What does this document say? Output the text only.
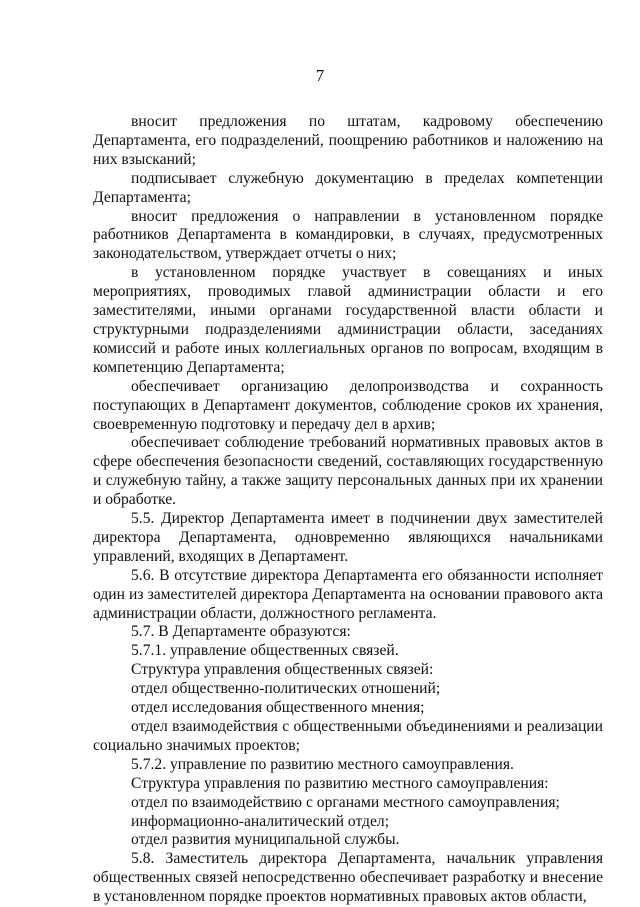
7

вносит предложения по штатам, кадровому обеспечению Департамента, его подразделений, поощрению работников и наложению на них взысканий;

подписывает служебную документацию в пределах компетенции Департамента;

вносит предложения о направлении в установленном порядке работников Департамента в командировки, в случаях, предусмотренных законодательством, утверждает отчеты о них;

в установленном порядке участвует в совещаниях и иных мероприятиях, проводимых главой администрации области и его заместителями, иными органами государственной власти области и структурными подразделениями администрации области, заседаниях комиссий и работе иных коллегиальных органов по вопросам, входящим в компетенцию Департамента;

обеспечивает организацию делопроизводства и сохранность поступающих в Департамент документов, соблюдение сроков их хранения, своевременную подготовку и передачу дел в архив;

обеспечивает соблюдение требований нормативных правовых актов в сфере обеспечения безопасности сведений, составляющих государственную и служебную тайну, а также защиту персональных данных при их хранении и обработке.

5.5. Директор Департамента имеет в подчинении двух заместителей директора Департамента, одновременно являющихся начальниками управлений, входящих в Департамент.

5.6. В отсутствие директора Департамента его обязанности исполняет один из заместителей директора Департамента на основании правового акта администрации области, должностного регламента.

5.7. В Департаменте образуются:

5.7.1. управление общественных связей.

Структура управления общественных связей:

отдел общественно-политических отношений;

отдел исследования общественного мнения;

отдел взаимодействия с общественными объединениями и реализации социально значимых проектов;

5.7.2. управление по развитию местного самоуправления.

Структура управления по развитию местного самоуправления:

отдел по взаимодействию с органами местного самоуправления;

информационно-аналитический отдел;

отдел развития муниципальной службы.

5.8. Заместитель директора Департамента, начальник управления общественных связей непосредственно обеспечивает разработку и внесение в установленном порядке проектов нормативных правовых актов области,
